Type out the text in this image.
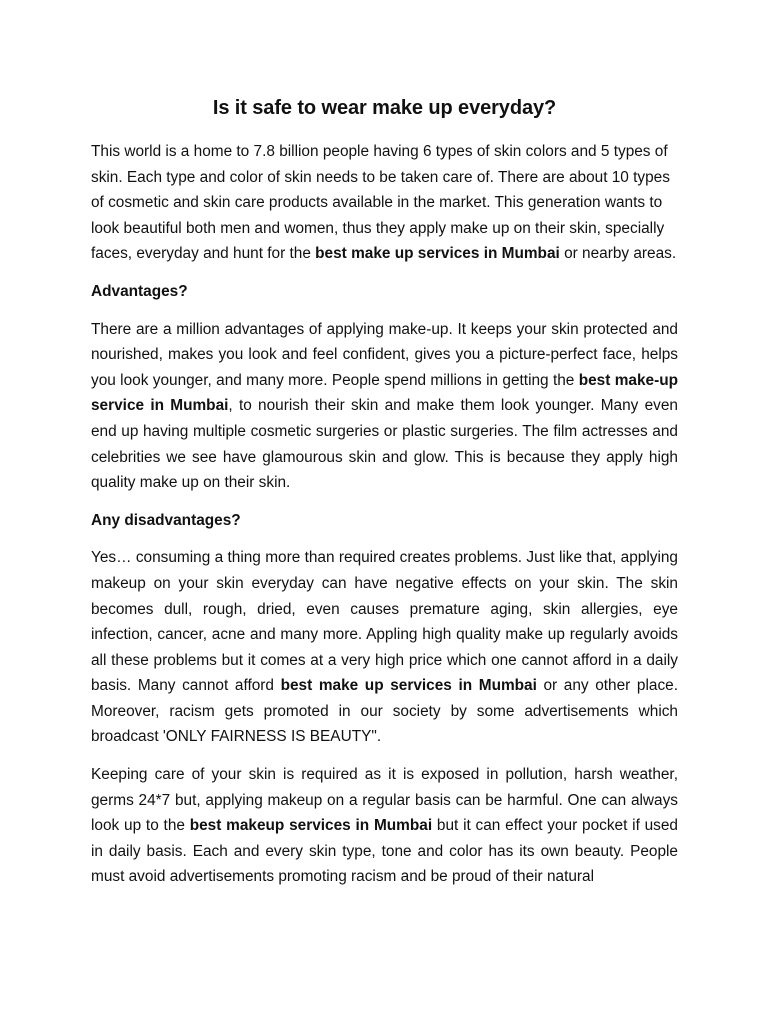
Is it safe to wear make up everyday?

This world is a home to 7.8 billion people having 6 types of skin colors and 5 types of skin. Each type and color of skin needs to be taken care of. There are about 10 types of cosmetic and skin care products available in the market. This generation wants to look beautiful both men and women, thus they apply make up on their skin, specially faces, everyday and hunt for the best make up services in Mumbai or nearby areas.

Advantages?

There are a million advantages of applying make-up. It keeps your skin protected and nourished, makes you look and feel confident, gives you a picture-perfect face, helps you look younger, and many more. People spend millions in getting the best make-up service in Mumbai, to nourish their skin and make them look younger. Many even end up having multiple cosmetic surgeries or plastic surgeries. The film actresses and celebrities we see have glamourous skin and glow. This is because they apply high quality make up on their skin.

Any disadvantages?

Yes… consuming a thing more than required creates problems. Just like that, applying makeup on your skin everyday can have negative effects on your skin. The skin becomes dull, rough, dried, even causes premature aging, skin allergies, eye infection, cancer, acne and many more. Appling high quality make up regularly avoids all these problems but it comes at a very high price which one cannot afford in a daily basis. Many cannot afford best make up services in Mumbai or any other place. Moreover, racism gets promoted in our society by some advertisements which broadcast 'ONLY FAIRNESS IS BEAUTY".

Keeping care of your skin is required as it is exposed in pollution, harsh weather, germs 24*7 but, applying makeup on a regular basis can be harmful. One can always look up to the best makeup services in Mumbai but it can effect your pocket if used in daily basis. Each and every skin type, tone and color has its own beauty. People must avoid advertisements promoting racism and be proud of their natural
